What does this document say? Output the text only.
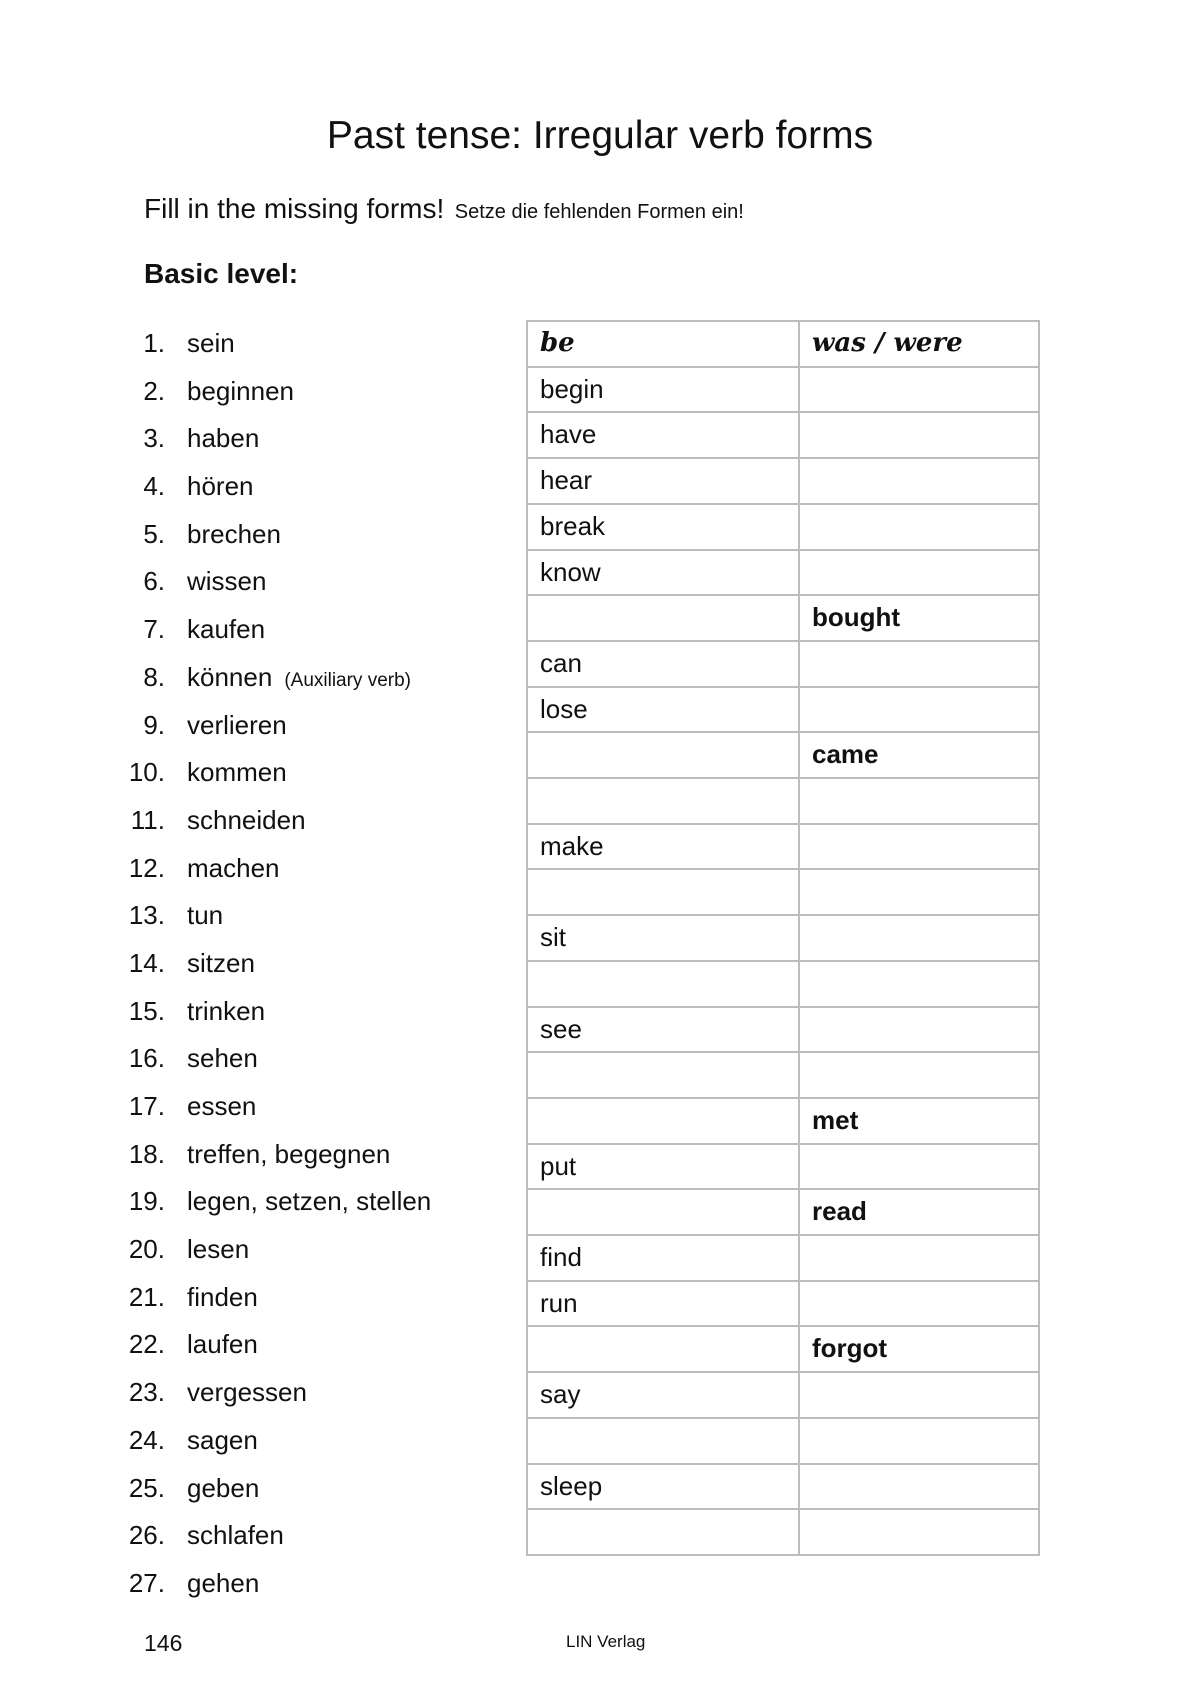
Past tense: Irregular verb forms
Fill in the missing forms! Setze die fehlenden Formen ein!
Basic level:
1. sein
2. beginnen
3. haben
4. hören
5. brechen
6. wissen
7. kaufen
8. können (Auxiliary verb)
9. verlieren
10. kommen
11. schneiden
12. machen
13. tun
14. sitzen
15. trinken
16. sehen
17. essen
18. treffen, begegnen
19. legen, setzen, stellen
20. lesen
21. finden
22. laufen
23. vergessen
24. sagen
25. geben
26. schlafen
27. gehen
be	was / were
begin	
have	
hear	
break	
know	
	bought
can	
lose	
	came

make	

sit	

see	

	met
put	
	read
find	
run	
	forgot
say	

sleep	

146	LIN Verlag
